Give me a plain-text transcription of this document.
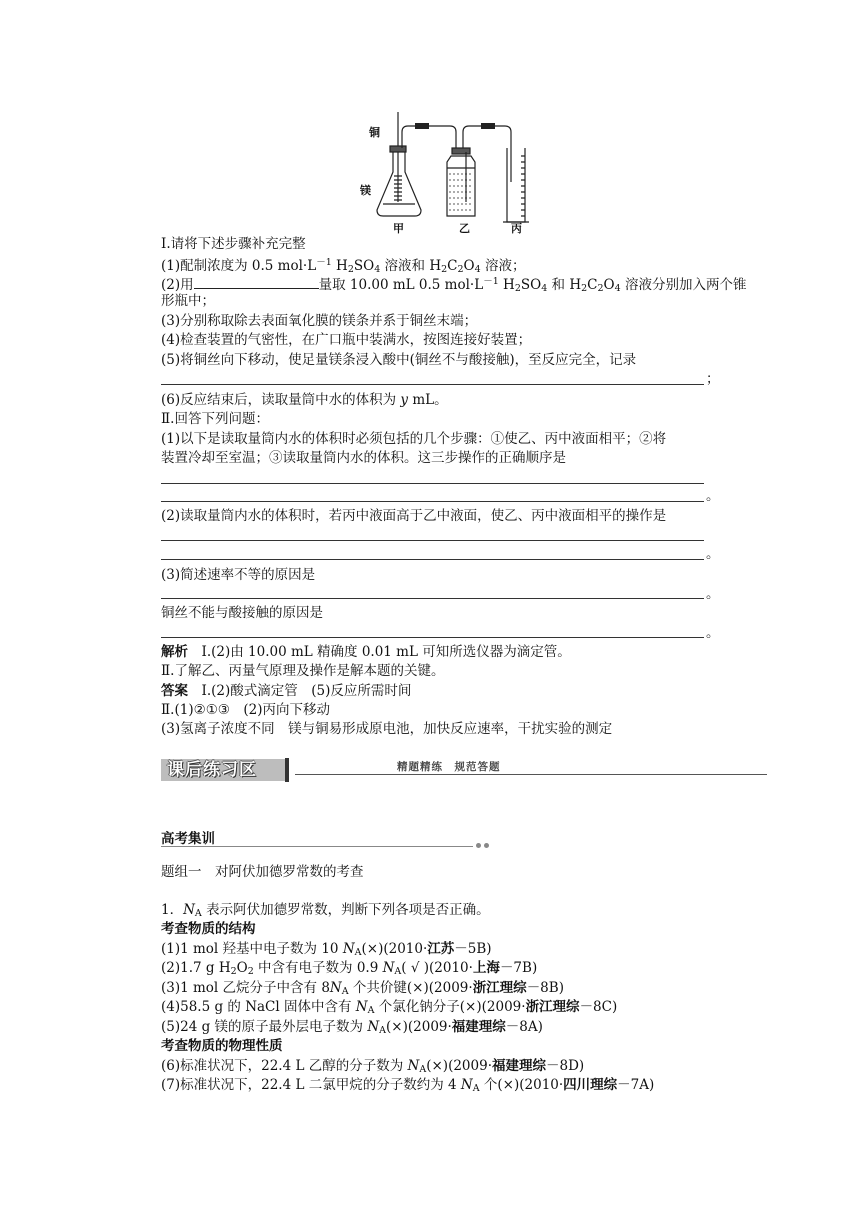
铜
镁
甲	乙	丙
Ⅰ.请将下述步骤补充完整
(1)配制浓度为 0.5 $mol\cdot L^{-1}$ $H_2SO_4$ 溶液和 $H_2C_2O_4$ 溶液；
(2)用	量取 10.00 mL 0.5 $mol\cdot L^{-1}$ $H_2SO_4$ 和 $H_2C_2O_4$ 溶液分别加入两个锥
形瓶中；
(3)分别称取除去表面氧化膜的镁条并系于铜丝末端；
(4)检查装置的气密性，在广口瓶中装满水，按图连接好装置；
(5)将铜丝向下移动，使足量镁条浸入酸中(铜丝不与酸接触)，至反应完全，记录
；
(6)反应结束后，读取量筒中水的体积为 y mL。
Ⅱ.回答下列问题：
(1)以下是读取量筒内水的体积时必须包括的几个步骤：①使乙、丙中液面相平；②将
装置冷却至室温；③读取量筒内水的体积。这三步操作的正确顺序是
。
(2)读取量筒内水的体积时，若丙中液面高于乙中液面，使乙、丙中液面相平的操作是
。
(3)简述速率不等的原因是
。
铜丝不能与酸接触的原因是
。
解析　Ⅰ.(2)由 10.00 mL 精确度 0.01 mL 可知所选仪器为滴定管。
Ⅱ.了解乙、丙量气原理及操作是解本题的关键。
答案　Ⅰ.(2)酸式滴定管　(5)反应所需时间
Ⅱ.(1)②①③　(2)丙向下移动
(3)氢离子浓度不同　镁与铜易形成原电池，加快反应速率，干扰实验的测定
课后练习区	精题精练　规范答题
高考集训
题组一　对阿伏加德罗常数的考查
1．$N_A$ 表示阿伏加德罗常数，判断下列各项是否正确。
考查物质的结构
(1)1 mol 羟基中电子数为 10 $N_A(\times)(2010\cdot$江苏－5B)
(2)1.7 g $H_2O_2$ 中含有电子数为 0.9 $N_A$( √ )(2010·上海－7B)
(3)1 mol 乙烷分子中含有 $8N_A$ 个共价键(×)(2009·浙江理综－8B)
(4)58.5 g 的 NaCl 固体中含有 $N_A$ 个氯化钠分子(×)(2009·浙江理综－8C)
(5)24 g 镁的原子最外层电子数为 $N_A(\times)(2009\cdot$福建理综－8A)
考查物质的物理性质
(6)标准状况下，22.4 L 乙醇的分子数为 $N_A(\times)(2009\cdot$福建理综－8D)
(7)标准状况下，22.4 L 二氯甲烷的分子数约为 4 $N_A$ 个(×)(2010·四川理综－7A)
